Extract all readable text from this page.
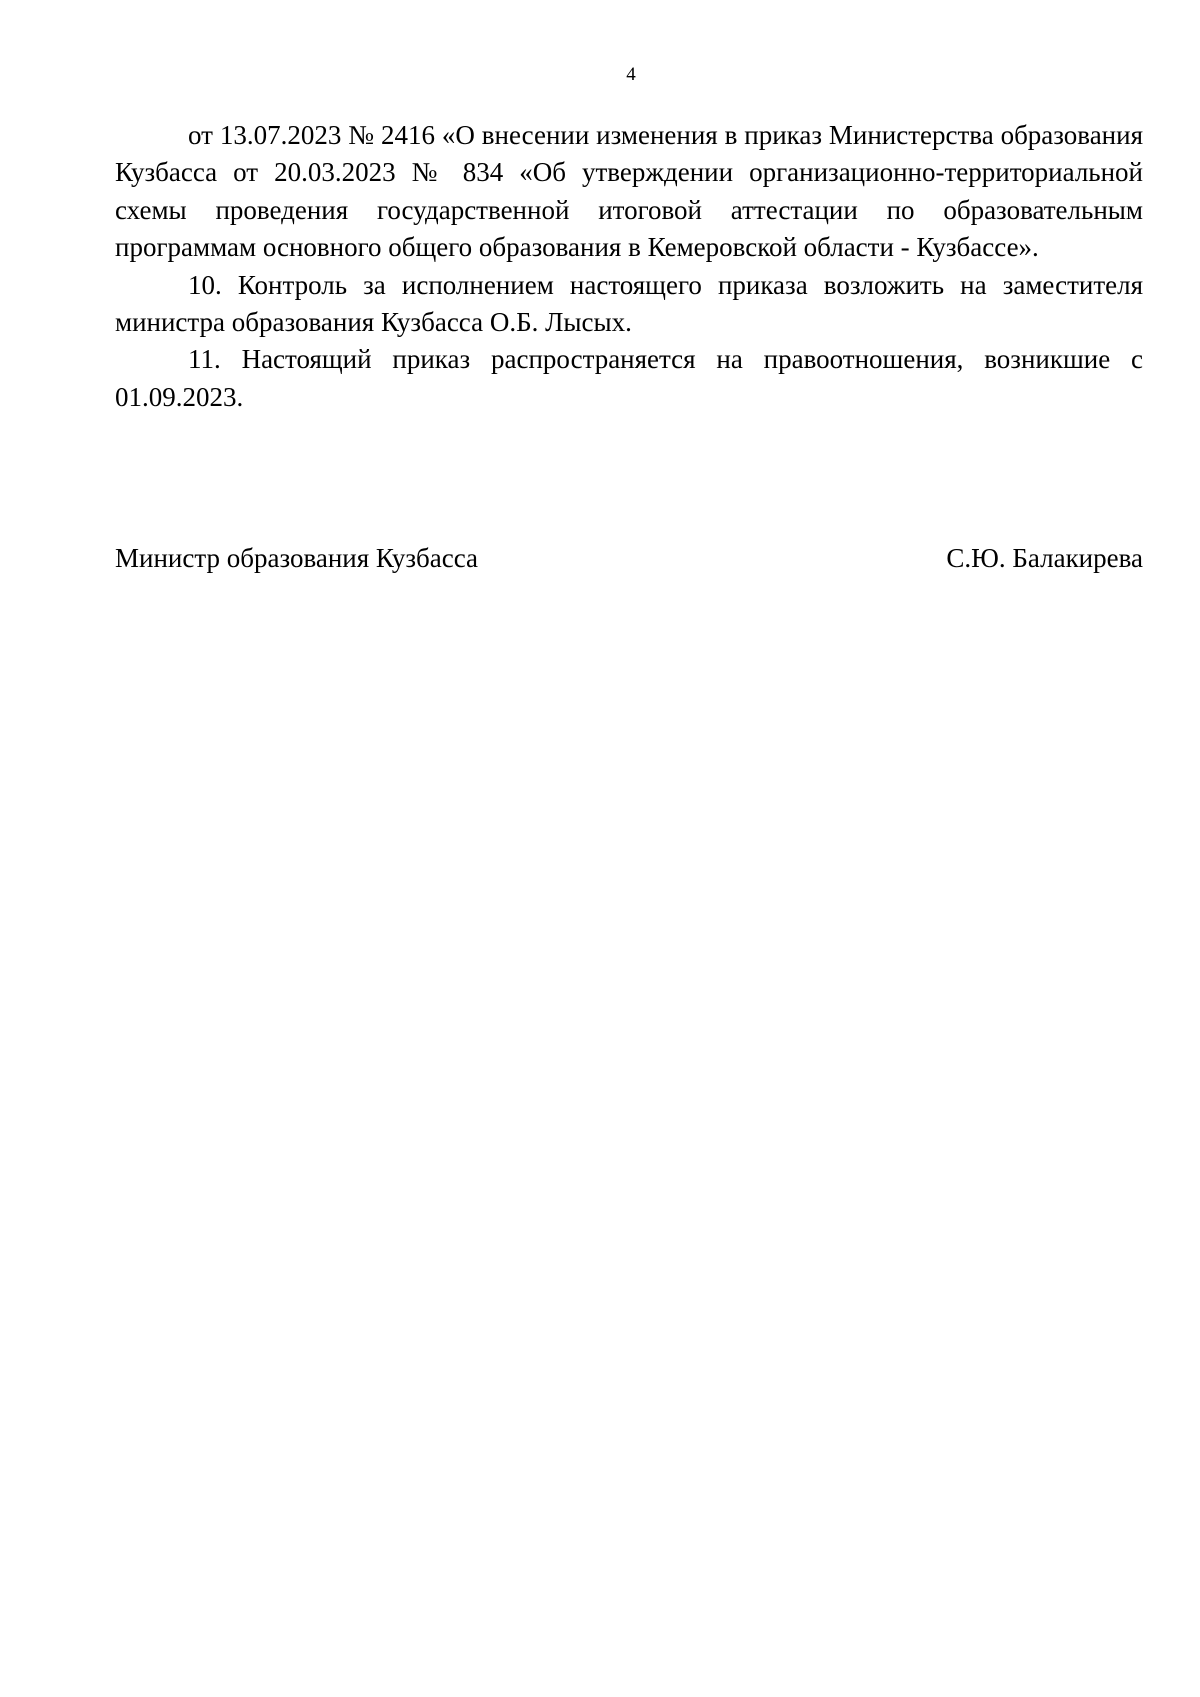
4

от 13.07.2023 № 2416 «О внесении изменения в приказ Министерства образования Кузбасса от 20.03.2023 № 834 «Об утверждении организационно-территориальной схемы проведения государственной итоговой аттестации по образовательным программам основного общего образования в Кемеровской области - Кузбассе».

10. Контроль за исполнением настоящего приказа возложить на заместителя министра образования Кузбасса О.Б. Лысых.

11. Настоящий приказ распространяется на правоотношения, возникшие с 01.09.2023.

Министр образования Кузбасса	С.Ю. Балакирева
